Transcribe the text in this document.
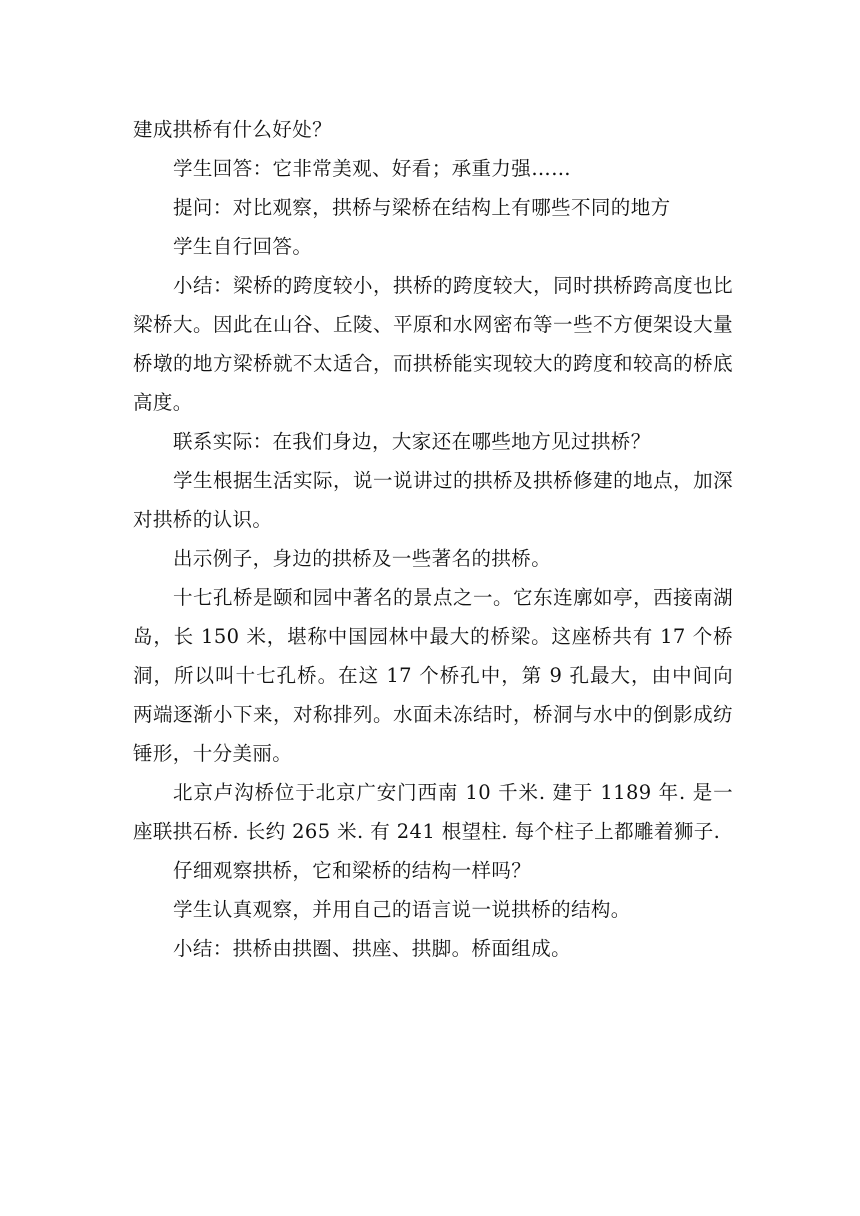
建成拱桥有什么好处？

学生回答：它非常美观、好看；承重力强……

提问：对比观察，拱桥与梁桥在结构上有哪些不同的地方

学生自行回答。

小结：梁桥的跨度较小，拱桥的跨度较大，同时拱桥跨高度也比梁桥大。因此在山谷、丘陵、平原和水网密布等一些不方便架设大量桥墩的地方梁桥就不太适合，而拱桥能实现较大的跨度和较高的桥底高度。

联系实际：在我们身边，大家还在哪些地方见过拱桥？

学生根据生活实际，说一说讲过的拱桥及拱桥修建的地点，加深对拱桥的认识。

出示例子，身边的拱桥及一些著名的拱桥。

十七孔桥是颐和园中著名的景点之一。它东连廓如亭，西接南湖岛，长 150 米，堪称中国园林中最大的桥梁。这座桥共有 17 个桥洞，所以叫十七孔桥。在这 17 个桥孔中，第 9 孔最大，由中间向两端逐渐小下来，对称排列。水面未冻结时，桥洞与水中的倒影成纺锤形，十分美丽。

北京卢沟桥位于北京广安门西南 10 千米. 建于 1189 年. 是一座联拱石桥. 长约 265 米. 有 241 根望柱. 每个柱子上都雕着狮子.

仔细观察拱桥，它和梁桥的结构一样吗？

学生认真观察，并用自己的语言说一说拱桥的结构。

小结：拱桥由拱圈、拱座、拱脚。桥面组成。
